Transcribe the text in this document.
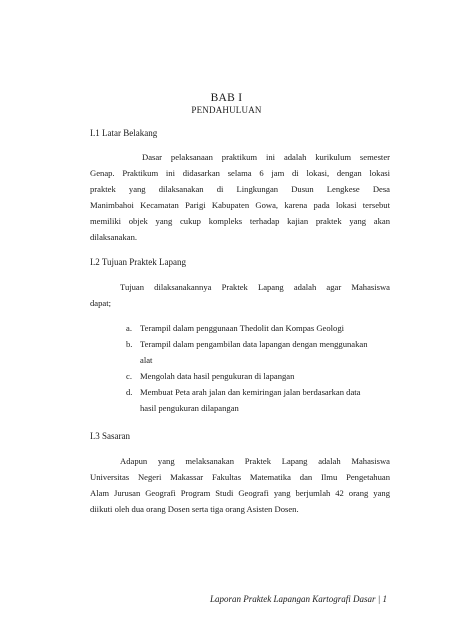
BAB I
PENDAHULUAN
I.1 Latar Belakang
Dasar pelaksanaan praktikum ini adalah kurikulum semester
Genap. Praktikum ini didasarkan selama 6 jam di lokasi, dengan lokasi
praktek yang dilaksanakan di Lingkungan Dusun Lengkese Desa
Manimbahoi Kecamatan Parigi Kabupaten Gowa, karena pada lokasi tersebut
memiliki objek yang cukup kompleks terhadap kajian praktek yang akan
dilaksanakan.
I.2 Tujuan Praktek Lapang
Tujuan dilaksanakannya Praktek Lapang adalah agar Mahasiswa
dapat;
a. Terampil dalam penggunaan Thedolit dan Kompas Geologi
b. Terampil dalam pengambilan data lapangan dengan menggunakan
alat
c. Mengolah data hasil pengukuran di lapangan
d. Membuat Peta arah jalan dan kemiringan jalan berdasarkan data
hasil pengukuran dilapangan
I.3 Sasaran
Adapun yang melaksanakan Praktek Lapang adalah Mahasiswa
Universitas Negeri Makassar Fakultas Matematika dan Ilmu Pengetahuan
Alam Jurusan Geografi Program Studi Geografi yang berjumlah 42 orang yang
diikuti oleh dua orang Dosen serta tiga orang Asisten Dosen.
Laporan Praktek Lapangan Kartografi Dasar | 1
